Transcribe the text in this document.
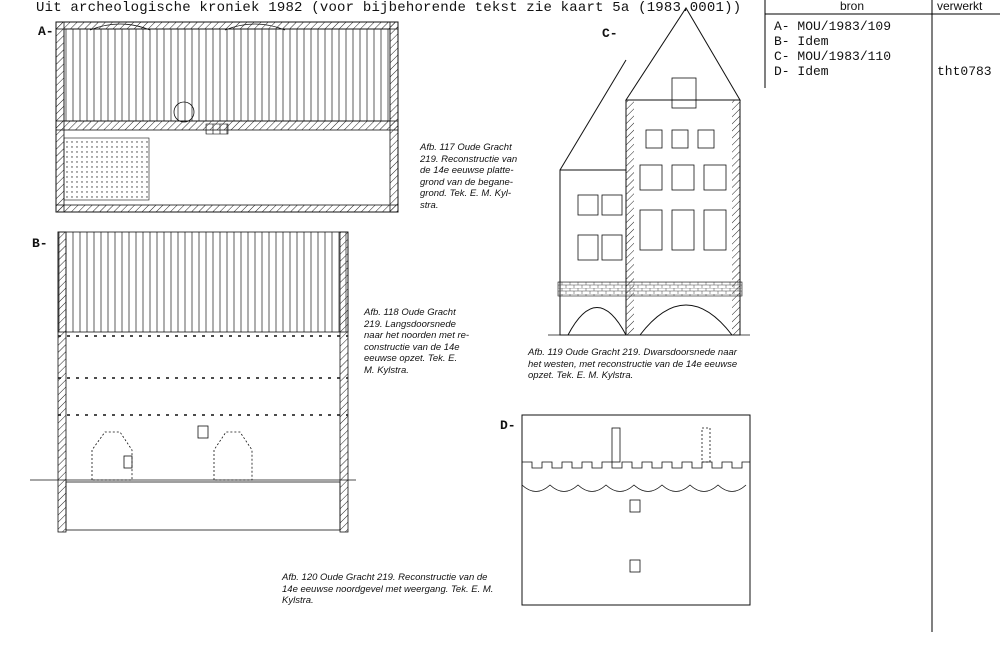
Uit archeologische kroniek 1982 (voor bijbehorende tekst zie kaart 5a (1983.0001))	bron	verwerkt
A- MOU/1983/109
B- Idem
C- MOU/1983/110
D- Idem	tht0783
A-
B-
C-
D-
Afb. 117 Oude Gracht
219. Reconstructie van
de 14e eeuwse platte-
grond van de begane-
grond. Tek. E. M. Kyl-
stra.
Afb. 118 Oude Gracht
219. Langsdoorsnede
naar het noorden met re-
constructie van de 14e
eeuwse opzet. Tek. E.
M. Kylstra.
Afb. 119 Oude Gracht 219. Dwarsdoorsnede naar
het westen, met reconstructie van de 14e eeuwse
opzet. Tek. E. M. Kylstra.
Afb. 120 Oude Gracht 219. Reconstructie van de
14e eeuwse noordgevel met weergang. Tek. E. M.
Kylstra.
